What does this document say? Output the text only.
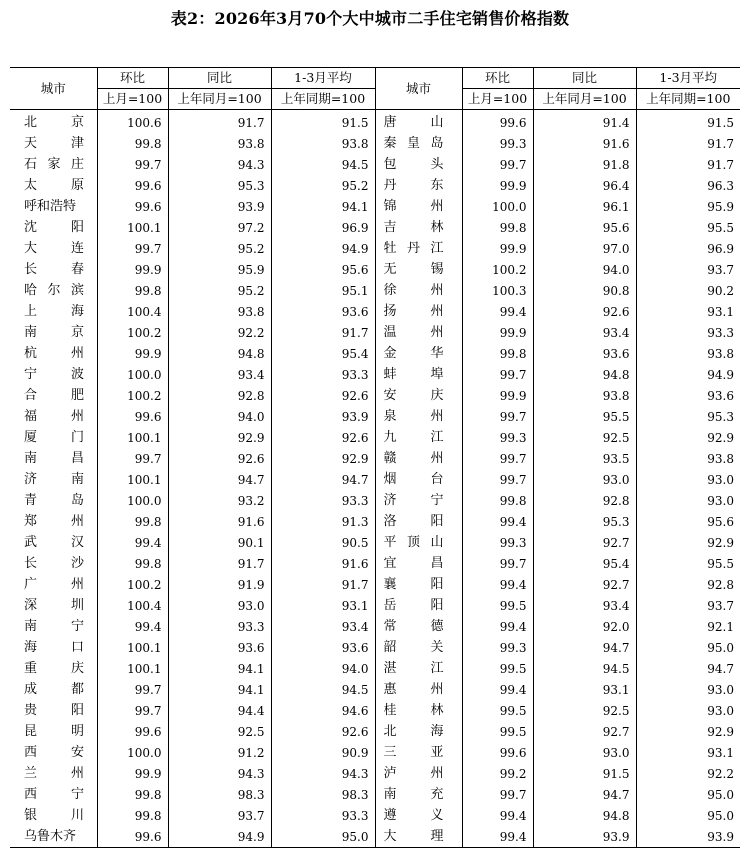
表2：2026年3月70个大中城市二手住宅销售价格指数
城市	环比	同比	1-3月平均	城市	环比	同比	1-3月平均
	上月=100	上年同月=100	上年同期=100		上月=100	上年同月=100	上年同期=100

北京	100.6	91.7	91.5	唐山	99.6	91.4	91.5

天津	99.8	93.8	93.8	秦皇岛	99.3	91.6	91.7

石家庄	99.7	94.3	94.5	包头	99.7	91.8	91.7

太原	99.6	95.3	95.2	丹东	99.9	96.4	96.3

呼和浩特	99.6	93.9	94.1	锦州	100.0	96.1	95.9

沈阳	100.1	97.2	96.9	吉林	99.8	95.6	95.5

大连	99.7	95.2	94.9	牡丹江	99.9	97.0	96.9

长春	99.9	95.9	95.6	无锡	100.2	94.0	93.7

哈尔滨	99.8	95.2	95.1	徐州	100.3	90.8	90.2

上海	100.4	93.8	93.6	扬州	99.4	92.6	93.1

南京	100.2	92.2	91.7	温州	99.9	93.4	93.3

杭州	99.9	94.8	95.4	金华	99.8	93.6	93.8

宁波	100.0	93.4	93.3	蚌埠	99.7	94.8	94.9

合肥	100.2	92.8	92.6	安庆	99.9	93.8	93.6

福州	99.6	94.0	93.9	泉州	99.7	95.5	95.3

厦门	100.1	92.9	92.6	九江	99.3	92.5	92.9

南昌	99.7	92.6	92.9	赣州	99.7	93.5	93.8

济南	100.1	94.7	94.7	烟台	99.7	93.0	93.0

青岛	100.0	93.2	93.3	济宁	99.8	92.8	93.0

郑州	99.8	91.6	91.3	洛阳	99.4	95.3	95.6

武汉	99.4	90.1	90.5	平顶山	99.3	92.7	92.9

长沙	99.8	91.7	91.6	宜昌	99.7	95.4	95.5

广州	100.2	91.9	91.7	襄阳	99.4	92.7	92.8

深圳	100.4	93.0	93.1	岳阳	99.5	93.4	93.7

南宁	99.4	93.3	93.4	常德	99.4	92.0	92.1

海口	100.1	93.6	93.6	韶关	99.3	94.7	95.0

重庆	100.1	94.1	94.0	湛江	99.5	94.5	94.7

成都	99.7	94.1	94.5	惠州	99.4	93.1	93.0

贵阳	99.7	94.4	94.6	桂林	99.5	92.5	93.0

昆明	99.6	92.5	92.6	北海	99.5	92.7	92.9

西安	100.0	91.2	90.9	三亚	99.6	93.0	93.1

兰州	99.9	94.3	94.3	泸州	99.2	91.5	92.2

西宁	99.8	98.3	98.3	南充	99.7	94.7	95.0

银川	99.8	93.7	93.3	遵义	99.4	94.8	95.0

乌鲁木齐	99.6	94.9	95.0	大理	99.4	93.9	93.9
